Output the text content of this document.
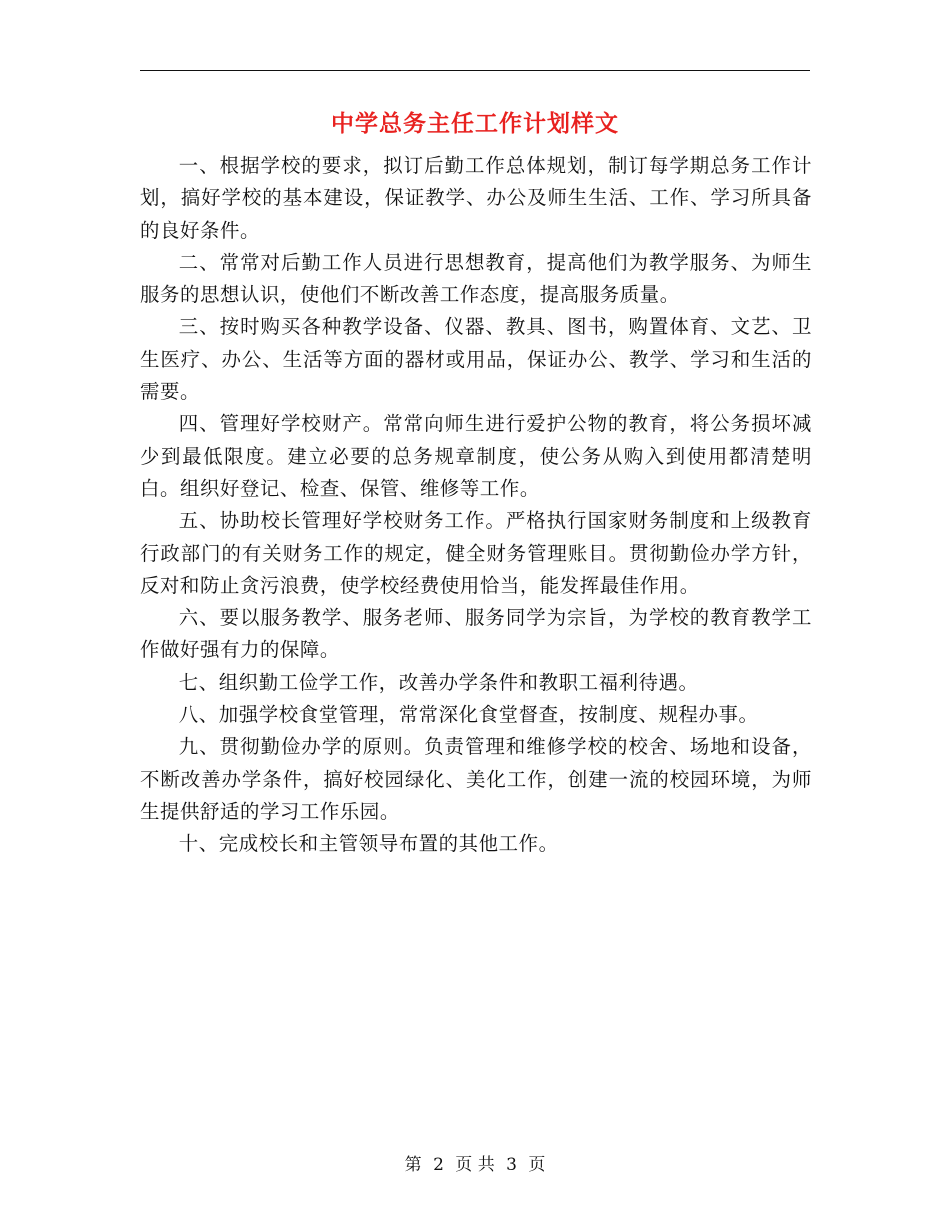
中学总务主任工作计划样文

一、根据学校的要求，拟订后勤工作总体规划，制订每学期总务工作计划，搞好学校的基本建设，保证教学、办公及师生生活、工作、学习所具备的良好条件。

二、常常对后勤工作人员进行思想教育，提高他们为教学服务、为师生服务的思想认识，使他们不断改善工作态度，提高服务质量。

三、按时购买各种教学设备、仪器、教具、图书，购置体育、文艺、卫生医疗、办公、生活等方面的器材或用品，保证办公、教学、学习和生活的需要。

四、管理好学校财产。常常向师生进行爱护公物的教育，将公务损坏减少到最低限度。建立必要的总务规章制度，使公务从购入到使用都清楚明白。组织好登记、检查、保管、维修等工作。

五、协助校长管理好学校财务工作。严格执行国家财务制度和上级教育行政部门的有关财务工作的规定，健全财务管理账目。贯彻勤俭办学方针，反对和防止贪污浪费，使学校经费使用恰当，能发挥最佳作用。

六、要以服务教学、服务老师、服务同学为宗旨，为学校的教育教学工作做好强有力的保障。

七、组织勤工俭学工作，改善办学条件和教职工福利待遇。

八、加强学校食堂管理，常常深化食堂督查，按制度、规程办事。

九、贯彻勤俭办学的原则。负责管理和维修学校的校舍、场地和设备，不断改善办学条件，搞好校园绿化、美化工作，创建一流的校园环境，为师生提供舒适的学习工作乐园。

十、完成校长和主管领导布置的其他工作。

第 2 页 共 3 页
